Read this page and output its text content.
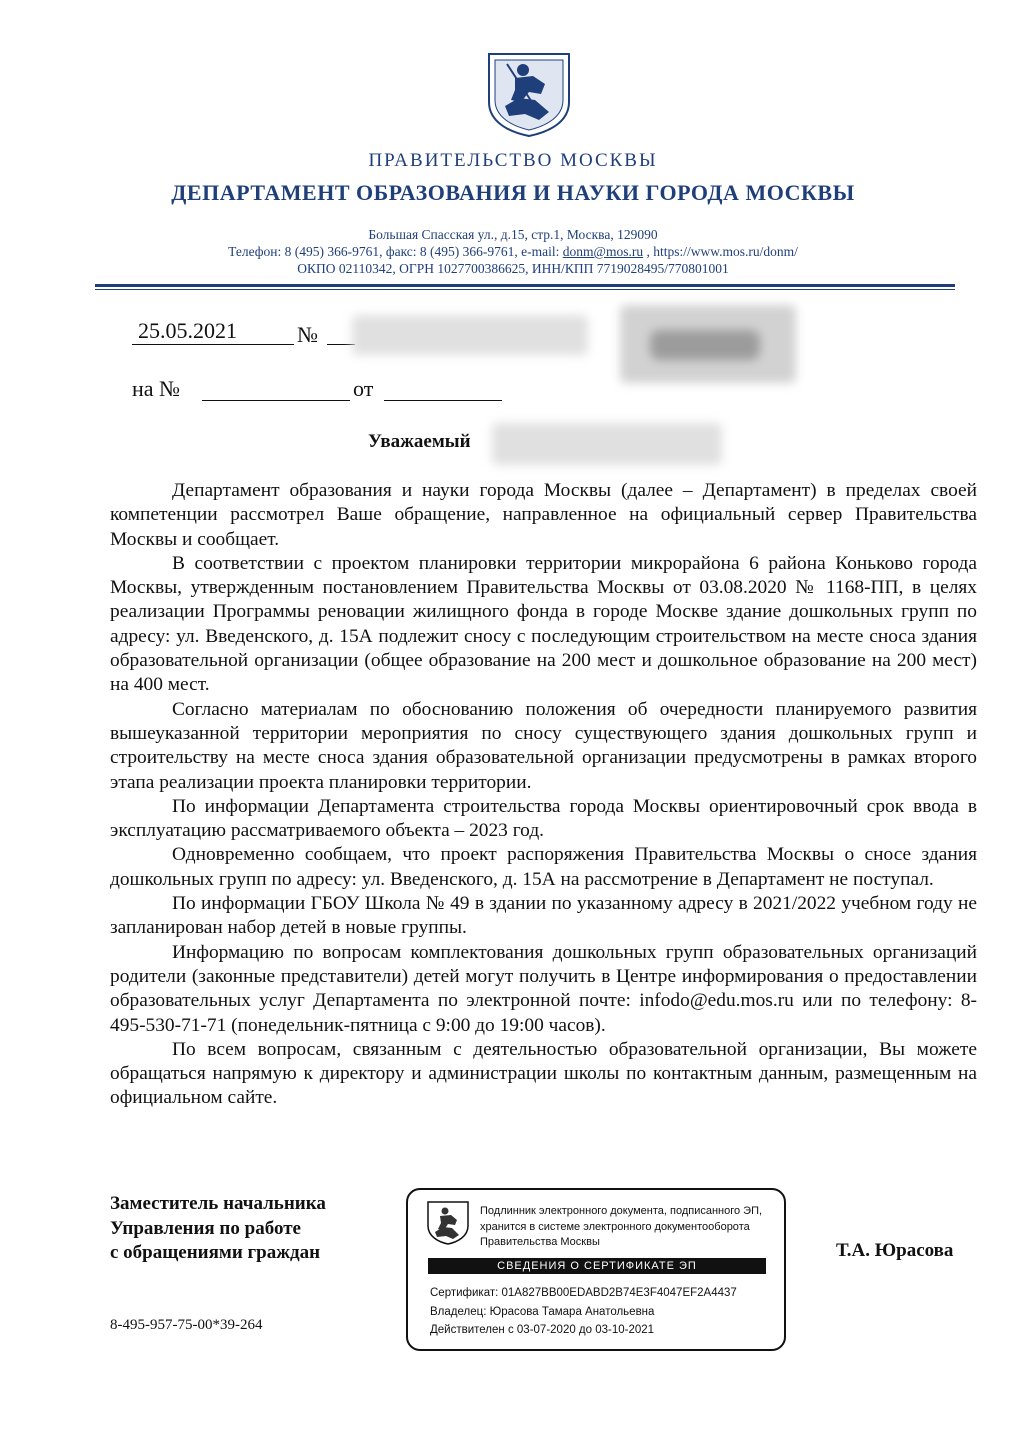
ПРАВИТЕЛЬСТВО МОСКВЫ
ДЕПАРТАМЕНТ ОБРАЗОВАНИЯ И НАУКИ ГОРОДА МОСКВЫ
Большая Спасская ул., д.15, стр.1, Москва, 129090
Телефон: 8 (495) 366-9761, факс: 8 (495) 366-9761, e-mail: donm@mos.ru , https://www.mos.ru/donm/
ОКПО 02110342, ОГРН 1027700386625, ИНН/КПП 7719028495/770801001
25.05.2021	№
на №	от
Уважаемый

Департамент образования и науки города Москвы (далее – Департамент) в пределах своей компетенции рассмотрел Ваше обращение, направленное на официальный сервер Правительства Москвы и сообщает.

В соответствии с проектом планировки территории микрорайона 6 района Коньково города Москвы, утвержденным постановлением Правительства Москвы от 03.08.2020 № 1168-ПП, в целях реализации Программы реновации жилищного фонда в городе Москве здание дошкольных групп по адресу: ул. Введенского, д. 15А подлежит сносу с последующим строительством на месте сноса здания образовательной организации (общее образование на 200 мест и дошкольное образование на 200 мест) на 400 мест.

Согласно материалам по обоснованию положения об очередности планируемого развития вышеуказанной территории мероприятия по сносу существующего здания дошкольных групп и строительству на месте сноса здания образовательной организации предусмотрены в рамках второго этапа реализации проекта планировки территории.

По информации Департамента строительства города Москвы ориентировочный срок ввода в эксплуатацию рассматриваемого объекта – 2023 год.

Одновременно сообщаем, что проект распоряжения Правительства Москвы о сносе здания дошкольных групп по адресу: ул. Введенского, д. 15А на рассмотрение в Департамент не поступал.

По информации ГБОУ Школа № 49 в здании по указанному адресу в 2021/2022 учебном году не запланирован набор детей в новые группы.

Информацию по вопросам комплектования дошкольных групп образовательных организаций родители (законные представители) детей могут получить в Центре информирования о предоставлении образовательных услуг Департамента по электронной почте: infodo@edu.mos.ru или по телефону: 8-495-530-71-71 (понедельник-пятница с 9:00 до 19:00 часов).

По всем вопросам, связанным с деятельностью образовательной организации, Вы можете обращаться напрямую к директору и администрации школы по контактным данным, размещенным на официальном сайте.

Заместитель начальника
Управления по работе
с обращениями граждан
8-495-957-75-00*39-264
Т.А. Юрасова
Подлинник электронного документа, подписанного ЭП,
хранится в системе электронного документооборота
Правительства Москвы
СВЕДЕНИЯ О СЕРТИФИКАТЕ ЭП
Сертификат: 01A827BB00EDABD2B74E3F4047EF2A4437
Владелец: Юрасова Тамара Анатольевна
Действителен с 03-07-2020 до 03-10-2021
